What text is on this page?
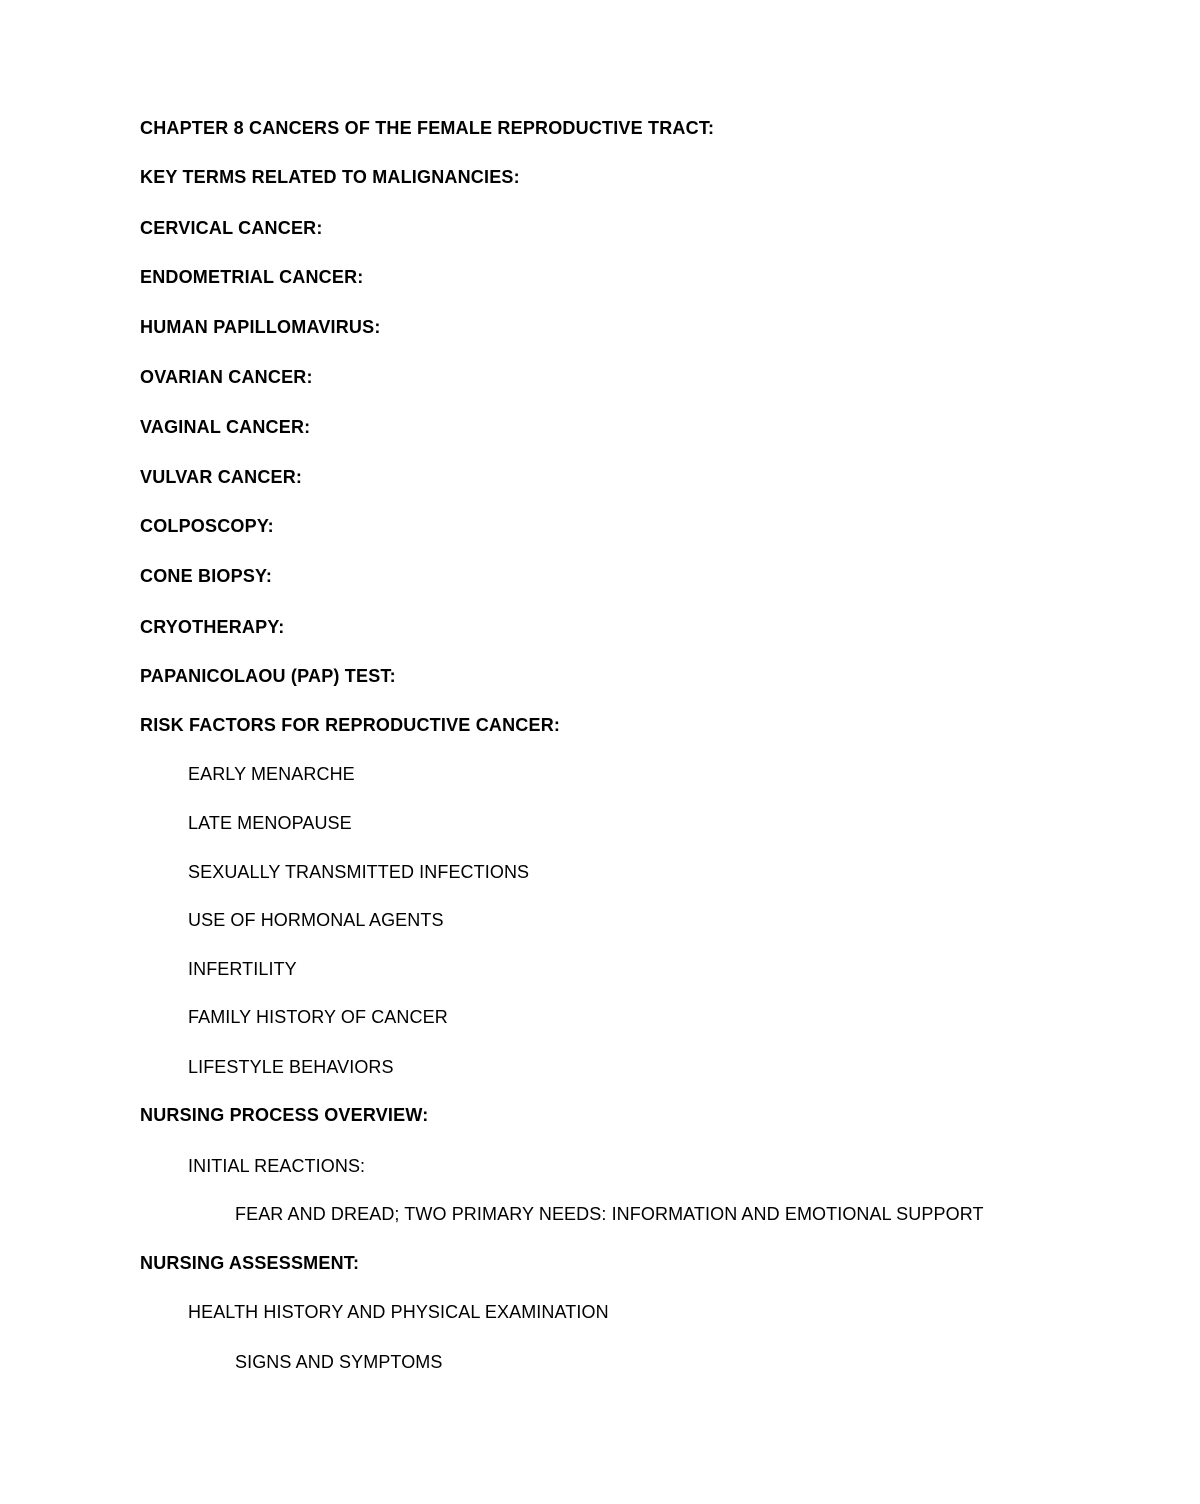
CHAPTER 8 CANCERS OF THE FEMALE REPRODUCTIVE TRACT:
KEY TERMS RELATED TO MALIGNANCIES:
CERVICAL CANCER:
ENDOMETRIAL CANCER:
HUMAN PAPILLOMAVIRUS:
OVARIAN CANCER:
VAGINAL CANCER:
VULVAR CANCER:
COLPOSCOPY:
CONE BIOPSY:
CRYOTHERAPY:
PAPANICOLAOU (PAP) TEST:
RISK FACTORS FOR REPRODUCTIVE CANCER:
EARLY MENARCHE
LATE MENOPAUSE
SEXUALLY TRANSMITTED INFECTIONS
USE OF HORMONAL AGENTS
INFERTILITY
FAMILY HISTORY OF CANCER
LIFESTYLE BEHAVIORS
NURSING PROCESS OVERVIEW:
INITIAL REACTIONS:
FEAR AND DREAD; TWO PRIMARY NEEDS: INFORMATION AND EMOTIONAL SUPPORT
NURSING ASSESSMENT:
HEALTH HISTORY AND PHYSICAL EXAMINATION
SIGNS AND SYMPTOMS
